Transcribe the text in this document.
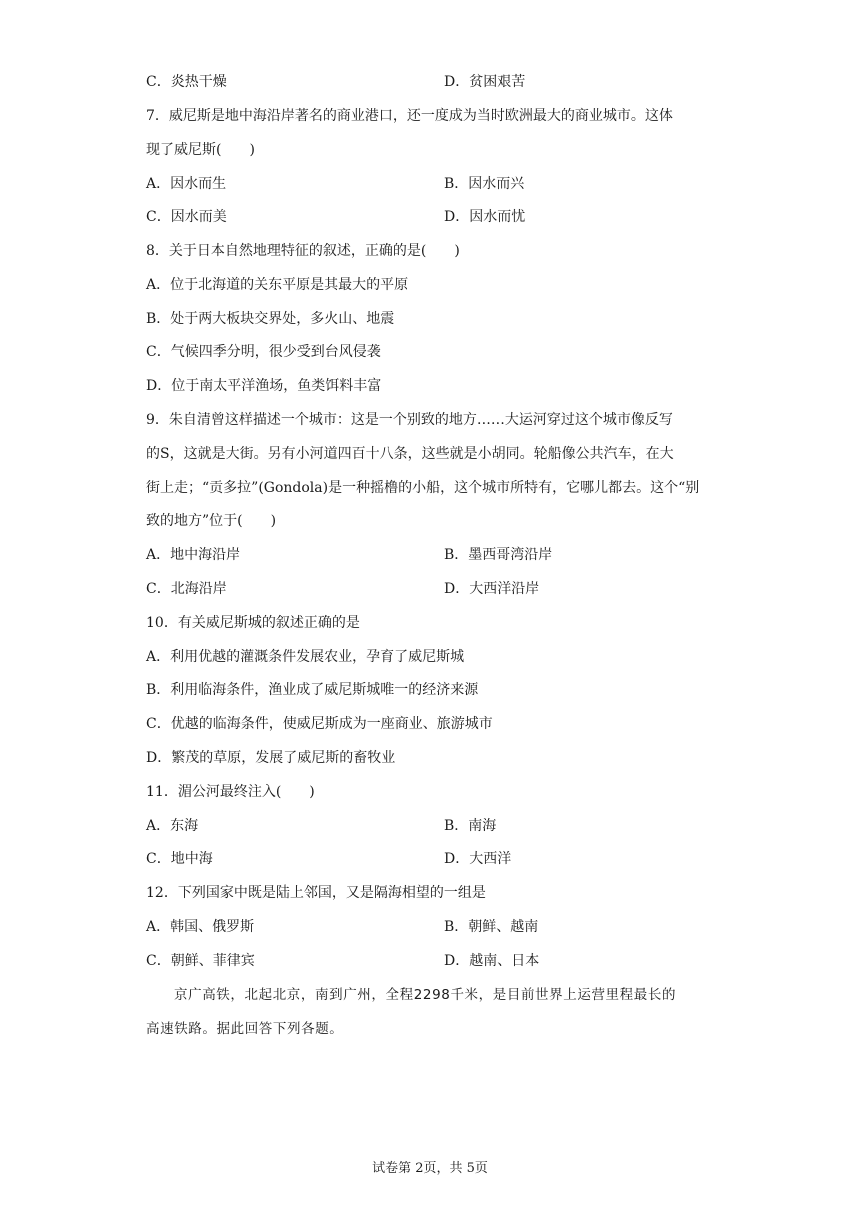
C．炎热干燥	D．贫困艰苦
7．威尼斯是地中海沿岸著名的商业港口，还一度成为当时欧洲最大的商业城市。这体
现了威尼斯(　　)
A．因水而生	B．因水而兴
C．因水而美	D．因水而忧
8．关于日本自然地理特征的叙述，正确的是(　　)
A．位于北海道的关东平原是其最大的平原
B．处于两大板块交界处，多火山、地震
C．气候四季分明，很少受到台风侵袭
D．位于南太平洋渔场，鱼类饵料丰富
9．朱自清曾这样描述一个城市：这是一个别致的地方……大运河穿过这个城市像反写
的S，这就是大街。另有小河道四百十八条，这些就是小胡同。轮船像公共汽车，在大
街上走；“贡多拉”(Gondola)是一种摇橹的小船，这个城市所特有，它哪儿都去。这个“别
致的地方”位于(　　)
A．地中海沿岸	B．墨西哥湾沿岸
C．北海沿岸	D．大西洋沿岸
10．有关威尼斯城的叙述正确的是
A．利用优越的灌溉条件发展农业，孕育了威尼斯城
B．利用临海条件，渔业成了威尼斯城唯一的经济来源
C．优越的临海条件，使威尼斯成为一座商业、旅游城市
D．繁茂的草原，发展了威尼斯的畜牧业
11．湄公河最终注入(　　)
A．东海	B．南海
C．地中海	D．大西洋
12．下列国家中既是陆上邻国，又是隔海相望的一组是
A．韩国、俄罗斯	B．朝鲜、越南
C．朝鲜、菲律宾	D．越南、日本
京广高铁，北起北京，南到广州，全程2298千米，是目前世界上运营里程最长的
高速铁路。据此回答下列各题。
试卷第 2页，共 5页
